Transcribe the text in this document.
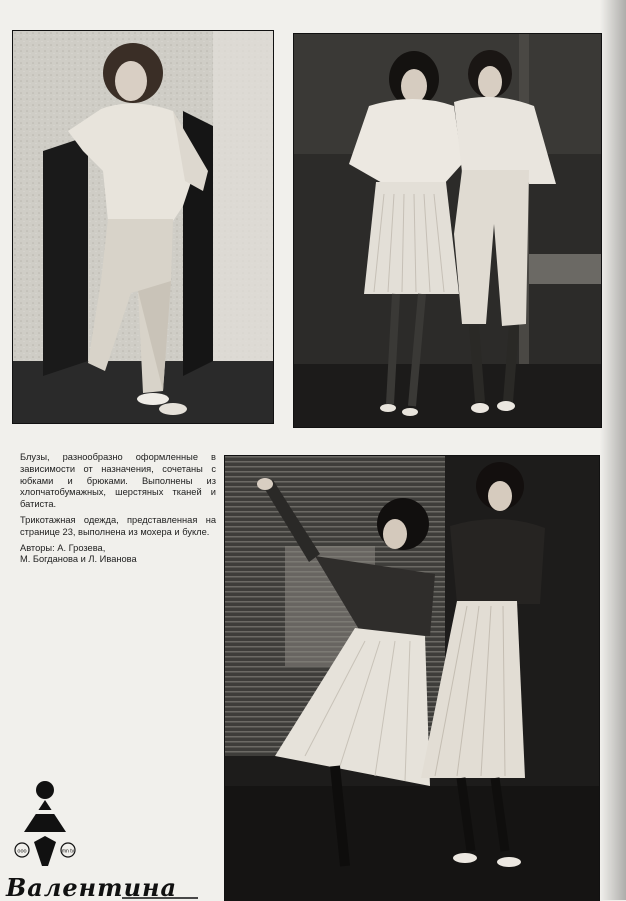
Блузы, разнообразно оформленные в зависимости от назначения, сочетаны с юбками и брюками. Выполнены из хлопчатобумажных, шерстяных тканей и батиста.

Трикотажная одежда, представленная на странице 23, выполнена из мохера и букле.

Авторы: А. Грозева,

М. Богданова и Л. Иванова

ооо	mn tv
Валентина
